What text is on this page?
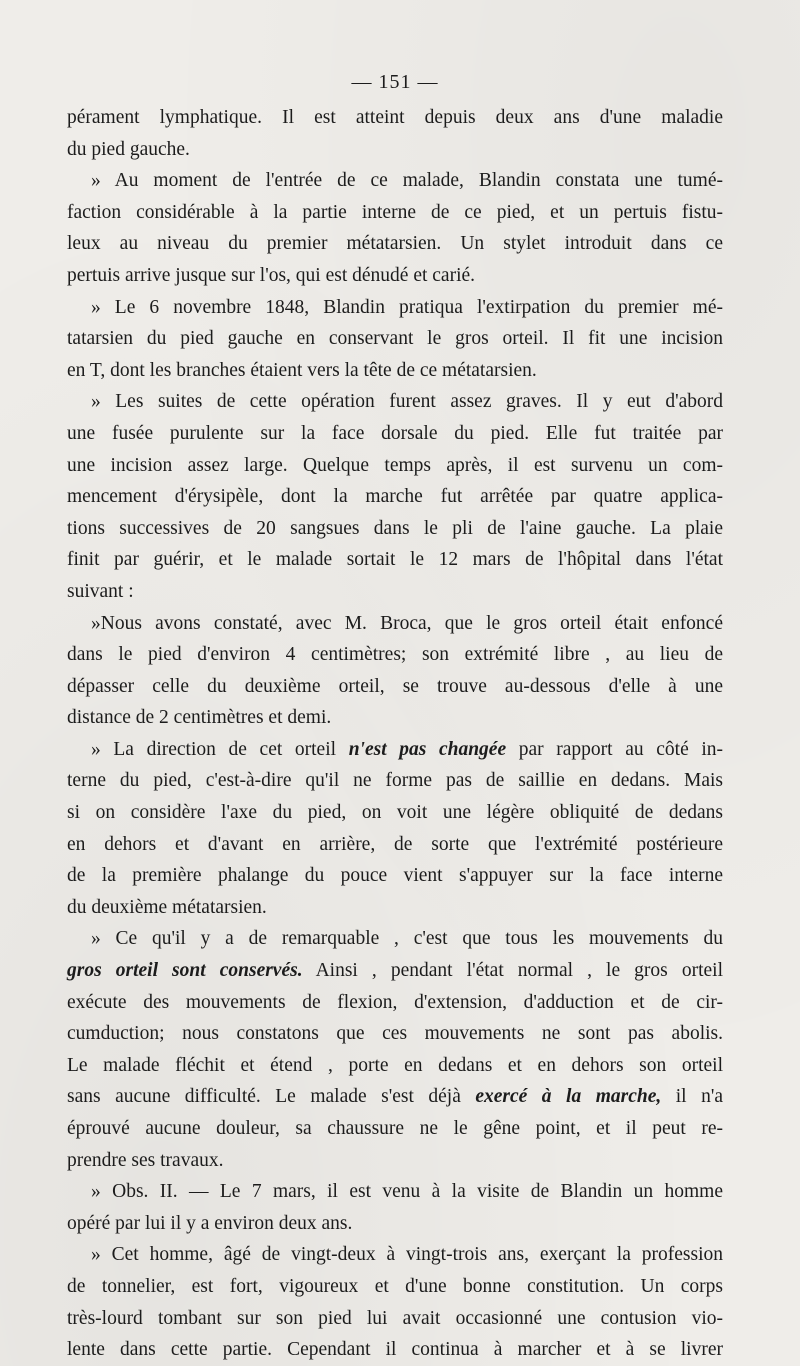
— 151 —
pérament lymphatique. Il est atteint depuis deux ans d'une maladie
du pied gauche.
» Au moment de l'entrée de ce malade, Blandin constata une tumé-
faction considérable à la partie interne de ce pied, et un pertuis fistu-
leux au niveau du premier métatarsien. Un stylet introduit dans ce
pertuis arrive jusque sur l'os, qui est dénudé et carié.
» Le 6 novembre 1848, Blandin pratiqua l'extirpation du premier mé-
tatarsien du pied gauche en conservant le gros orteil. Il fit une incision
en T, dont les branches étaient vers la tête de ce métatarsien.
» Les suites de cette opération furent assez graves. Il y eut d'abord
une fusée purulente sur la face dorsale du pied. Elle fut traitée par
une incision assez large. Quelque temps après, il est survenu un com-
mencement d'érysipèle, dont la marche fut arrêtée par quatre applica-
tions successives de 20 sangsues dans le pli de l'aine gauche. La plaie
finit par guérir, et le malade sortait le 12 mars de l'hôpital dans l'état
suivant :
»Nous avons constaté, avec M. Broca, que le gros orteil était enfoncé
dans le pied d'environ 4 centimètres; son extrémité libre , au lieu de
dépasser celle du deuxième orteil, se trouve au-dessous d'elle à une
distance de 2 centimètres et demi.
» La direction de cet orteil n'est pas changée par rapport au côté in-
terne du pied, c'est-à-dire qu'il ne forme pas de saillie en dedans. Mais
si on considère l'axe du pied, on voit une légère obliquité de dedans
en dehors et d'avant en arrière, de sorte que l'extrémité postérieure
de la première phalange du pouce vient s'appuyer sur la face interne
du deuxième métatarsien.
» Ce qu'il y a de remarquable , c'est que tous les mouvements du
gros orteil sont conservés. Ainsi , pendant l'état normal , le gros orteil
exécute des mouvements de flexion, d'extension, d'adduction et de cir-
cumduction; nous constatons que ces mouvements ne sont pas abolis.
Le malade fléchit et étend , porte en dedans et en dehors son orteil
sans aucune difficulté. Le malade s'est déjà exercé à la marche, il n'a
éprouvé aucune douleur, sa chaussure ne le gêne point, et il peut re-
prendre ses travaux.
» Obs. II. — Le 7 mars, il est venu à la visite de Blandin un homme
opéré par lui il y a environ deux ans.
» Cet homme, âgé de vingt-deux à vingt-trois ans, exerçant la profession
de tonnelier, est fort, vigoureux et d'une bonne constitution. Un corps
très-lourd tombant sur son pied lui avait occasionné une contusion vio-
lente dans cette partie. Cependant il continua à marcher et à se livrer
